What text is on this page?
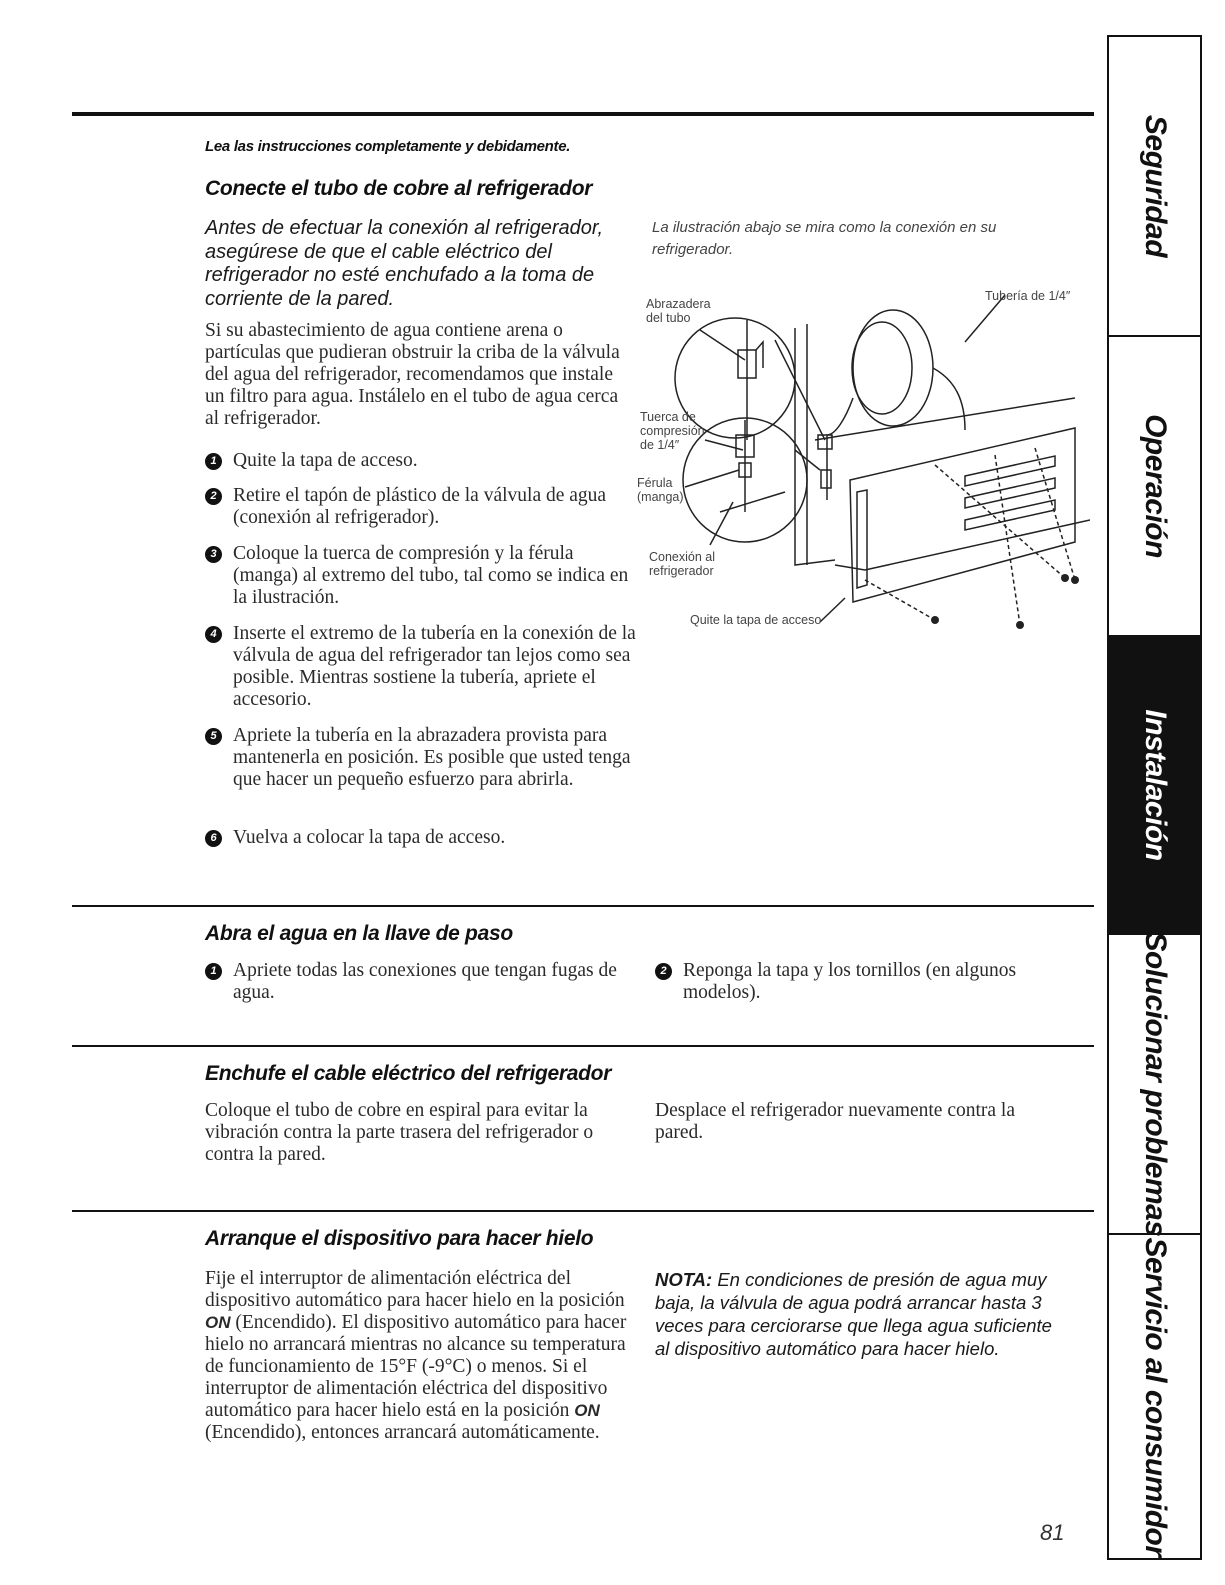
Lea las instrucciones completamente y debidamente.
Conecte el tubo de cobre al refrigerador
Antes de efectuar la conexión al refrigerador, asegúrese de que el cable eléctrico del refrigerador no esté enchufado a la toma de corriente de la pared.
Si su abastecimiento de agua contiene arena o partículas que pudieran obstruir la criba de la válvula del agua del refrigerador, recomendamos que instale un filtro para agua. Instálelo en el tubo de agua cerca al refrigerador.
1 Quite la tapa de acceso.
2 Retire el tapón de plástico de la válvula de agua (conexión al refrigerador).
3 Coloque la tuerca de compresión y la férula (manga) al extremo del tubo, tal como se indica en la ilustración.
4 Inserte el extremo de la tubería en la conexión de la válvula de agua del refrigerador tan lejos como sea posible. Mientras sostiene la tubería, apriete el accesorio.
5 Apriete la tubería en la abrazadera provista para mantenerla en posición. Es posible que usted tenga que hacer un pequeño esfuerzo para abrirla.
6 Vuelva a colocar la tapa de acceso.
La ilustración abajo se mira como la conexión en su refrigerador.
Abrazadera
del tubo
Tubería de 1/4″
Tuerca de
compresión
de 1/4″
Férula
(manga)
Conexión al
refrigerador
Quite la tapa de acceso
Abra el agua en la llave de paso
1 Apriete todas las conexiones que tengan fugas de agua.
2 Reponga la tapa y los tornillos (en algunos modelos).
Enchufe el cable eléctrico del refrigerador
Coloque el tubo de cobre en espiral para evitar la vibración contra la parte trasera del refrigerador o contra la pared.
Desplace el refrigerador nuevamente contra la pared.
Arranque el dispositivo para hacer hielo
Fije el interruptor de alimentación eléctrica del dispositivo automático para hacer hielo en la posición ON (Encendido). El dispositivo automático para hacer hielo no arrancará mientras no alcance su temperatura de funcionamiento de 15°F (-9°C) o menos. Si el interruptor de alimentación eléctrica del dispositivo automático para hacer hielo está en la posición ON (Encendido), entonces arrancará automáticamente.
NOTA: En condiciones de presión de agua muy baja, la válvula de agua podrá arrancar hasta 3 veces para cerciorarse que llega agua suficiente al dispositivo automático para hacer hielo.
81
Seguridad
Operación
Instalación
Solucionar problemas
Servicio al consumidor
